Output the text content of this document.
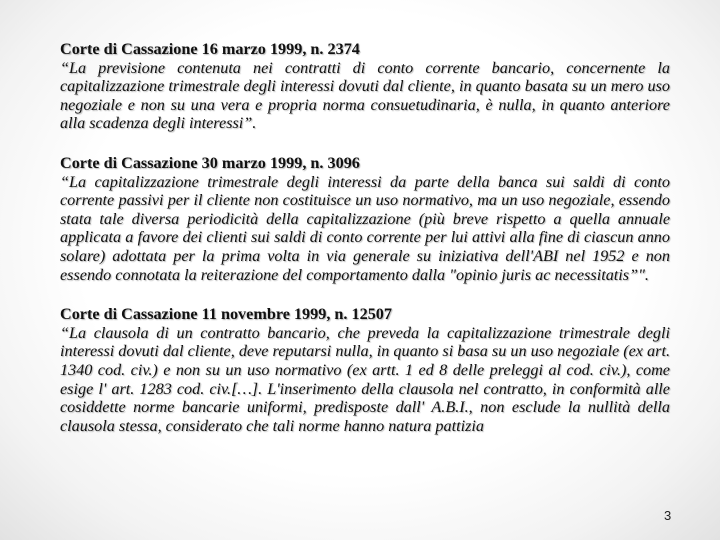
Corte di Cassazione 16 marzo 1999, n. 2374
“La previsione contenuta nei contratti di conto corrente bancario, concernente la capitalizzazione trimestrale degli interessi dovuti dal cliente, in quanto basata su un mero uso negoziale e non su una vera e propria norma consuetudinaria, è nulla, in quanto anteriore alla scadenza degli interessi”.
Corte di Cassazione 30 marzo 1999, n. 3096
“La capitalizzazione trimestrale degli interessi da parte della banca sui saldi di conto corrente passivi per il cliente non costituisce un uso normativo, ma un uso negoziale, essendo stata tale diversa periodicità della capitalizzazione (più breve rispetto a quella annuale applicata a favore dei clienti sui saldi di conto corrente per lui attivi alla fine di ciascun anno solare) adottata per la prima volta in via generale su iniziativa dell'ABI nel 1952 e non essendo connotata la reiterazione del comportamento dalla "opinio juris ac necessitatis”".
Corte di Cassazione 11 novembre 1999, n. 12507
“La clausola di un contratto bancario, che preveda la capitalizzazione trimestrale degli interessi dovuti dal cliente, deve reputarsi nulla, in quanto si basa su un uso negoziale (ex art. 1340 cod. civ.) e non su un uso normativo (ex artt. 1 ed 8 delle preleggi al cod. civ.), come esige l' art. 1283 cod. civ.[…]. L'inserimento della clausola nel contratto, in conformità alle cosiddette norme bancarie uniformi, predisposte dall' A.B.I., non esclude la nullità della clausola stessa, considerato che tali norme hanno natura pattizia
3
